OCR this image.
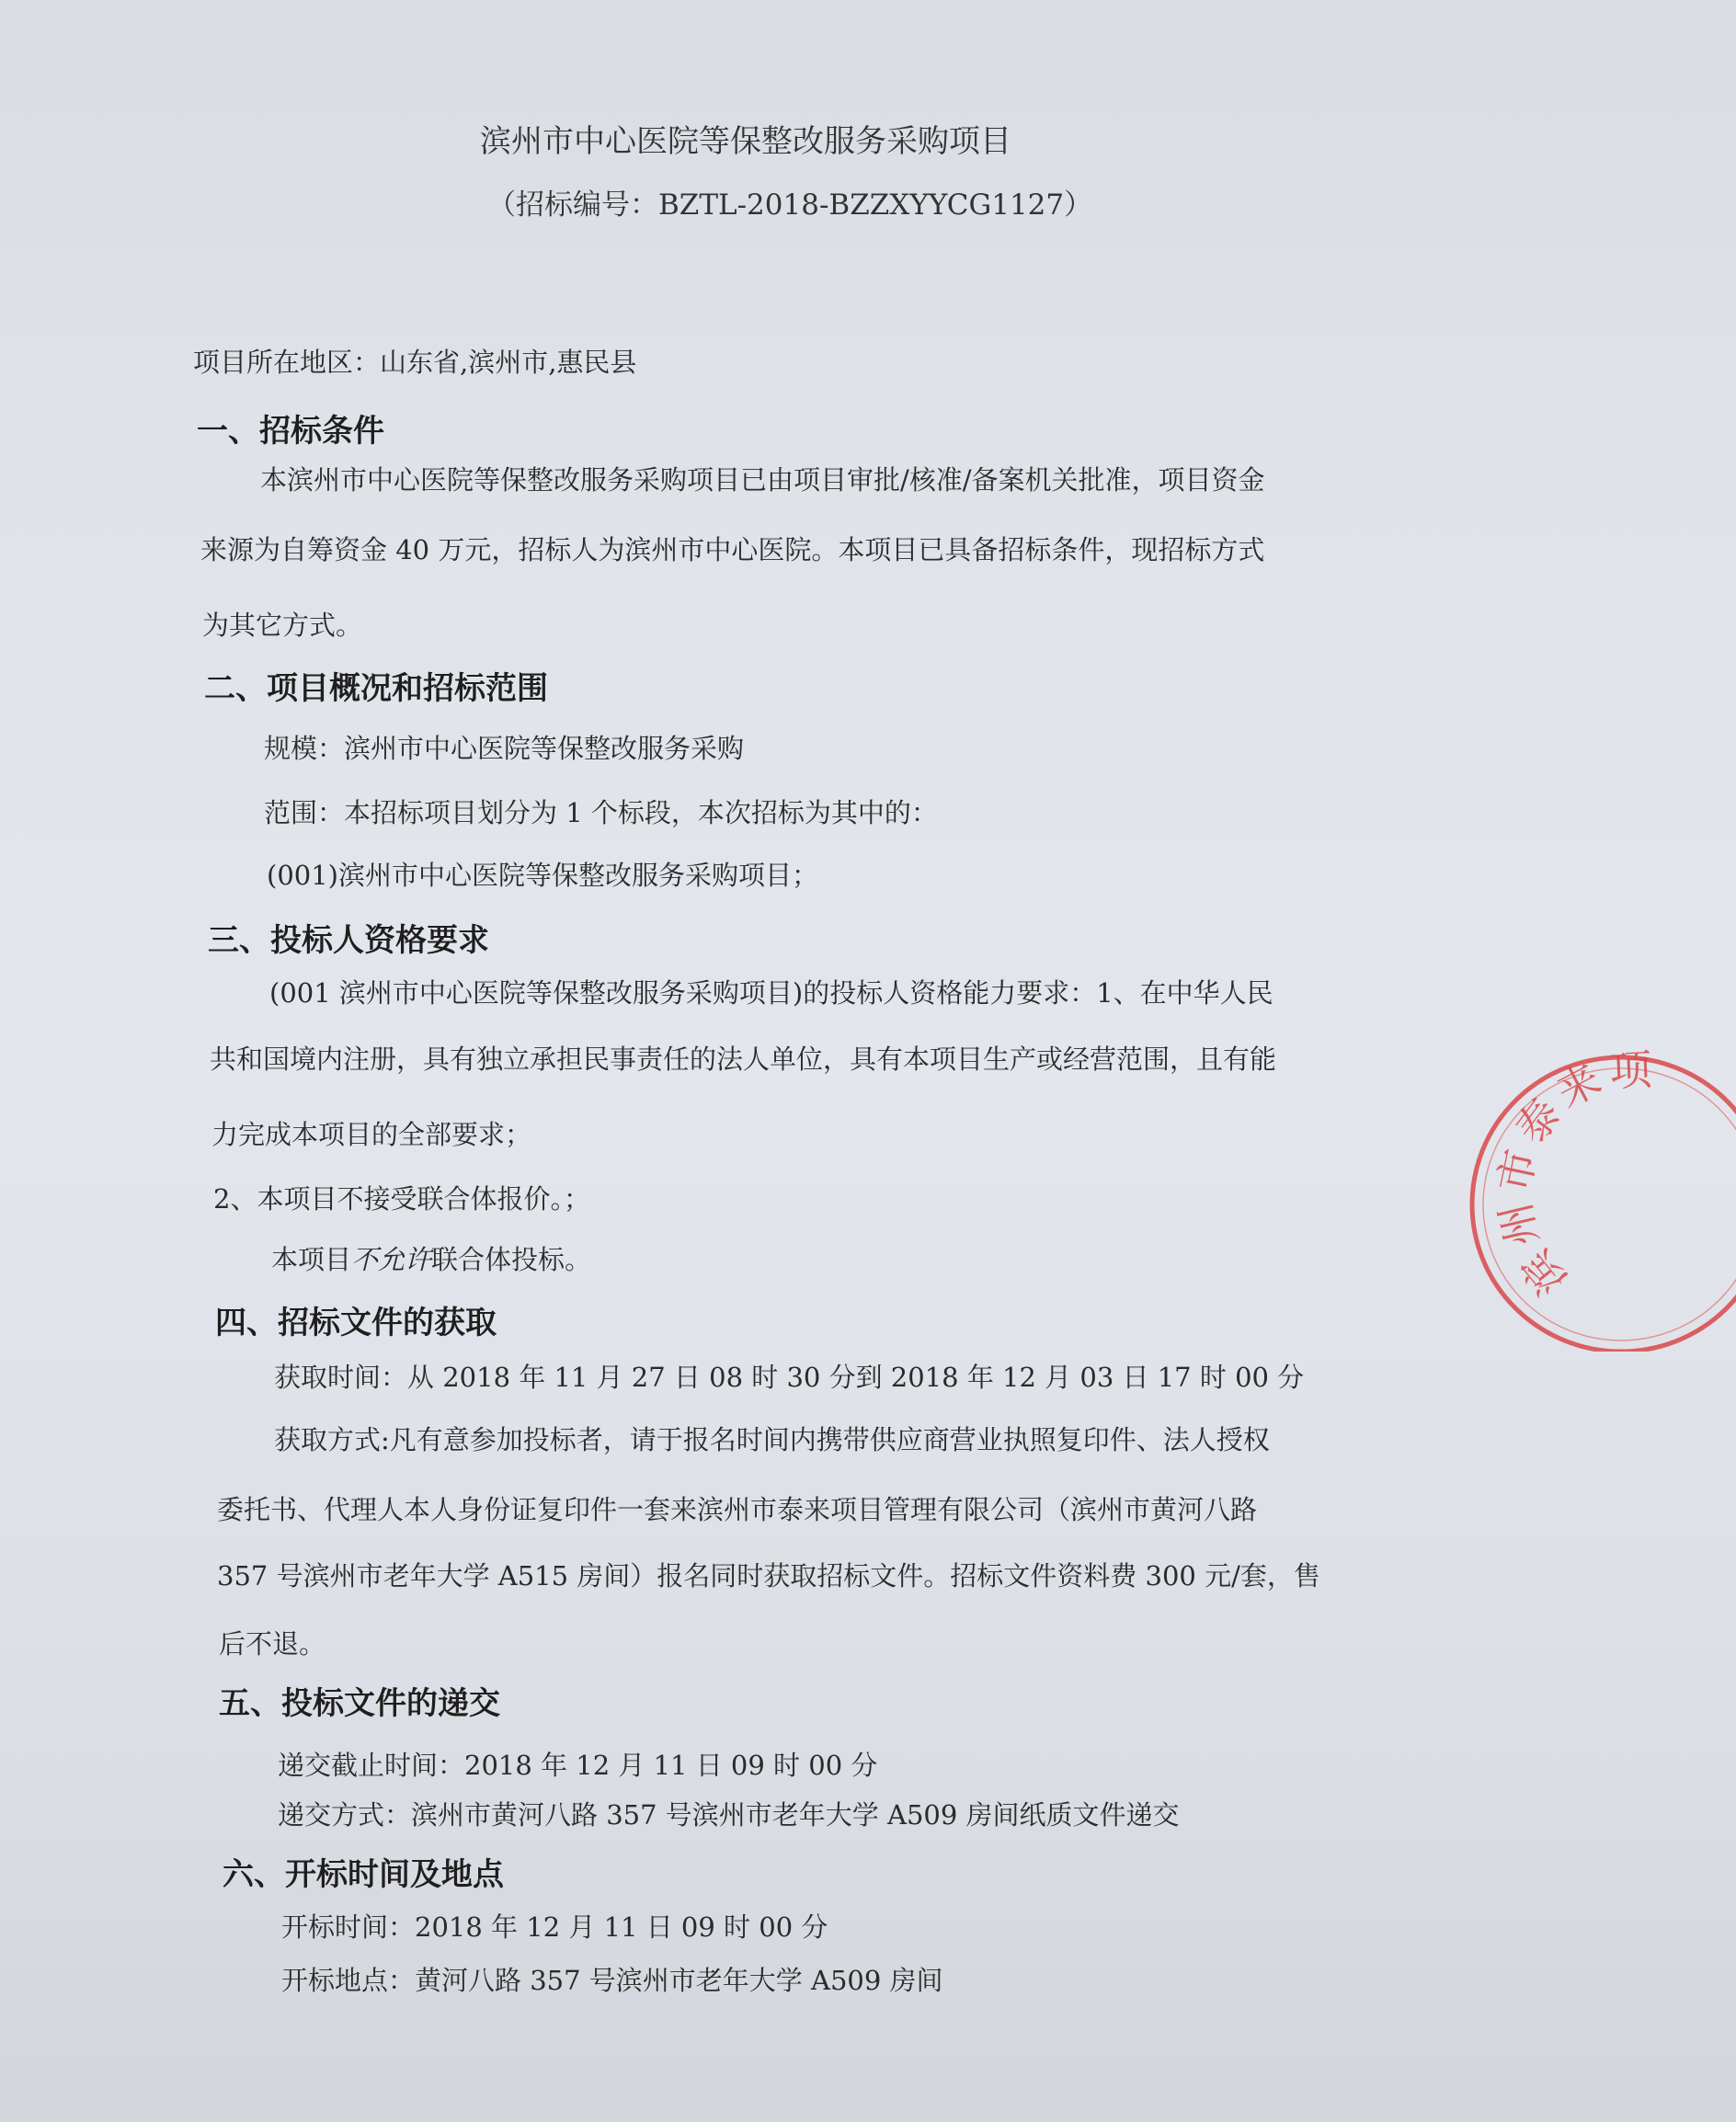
滨州市中心医院等保整改服务采购项目
（招标编号：BZTL-2018-BZZXYYCG1127）
项目所在地区：山东省,滨州市,惠民县
一、招标条件
本滨州市中心医院等保整改服务采购项目已由项目审批/核准/备案机关批准，项目资金
来源为自筹资金 40 万元，招标人为滨州市中心医院。本项目已具备招标条件，现招标方式
为其它方式。
二、项目概况和招标范围
规模：滨州市中心医院等保整改服务采购
范围：本招标项目划分为 1 个标段，本次招标为其中的：
(001)滨州市中心医院等保整改服务采购项目；
三、投标人资格要求
(001 滨州市中心医院等保整改服务采购项目)的投标人资格能力要求：1、在中华人民
共和国境内注册，具有独立承担民事责任的法人单位，具有本项目生产或经营范围，且有能
力完成本项目的全部要求；
2、本项目不接受联合体报价。；
本项目不允许联合体投标。
四、招标文件的获取
获取时间：从 2018 年 11 月 27 日 08 时 30 分到 2018 年 12 月 03 日 17 时 00 分
获取方式:凡有意参加投标者，请于报名时间内携带供应商营业执照复印件、法人授权
委托书、代理人本人身份证复印件一套来滨州市泰来项目管理有限公司（滨州市黄河八路
357 号滨州市老年大学 A515 房间）报名同时获取招标文件。招标文件资料费 300 元/套，售
后不退。
五、投标文件的递交
递交截止时间：2018 年 12 月 11 日 09 时 00 分
递交方式：滨州市黄河八路 357 号滨州市老年大学 A509 房间纸质文件递交
六、开标时间及地点
开标时间：2018 年 12 月 11 日 09 时 00 分
开标地点：黄河八路 357 号滨州市老年大学 A509 房间
滨州市泰来项
